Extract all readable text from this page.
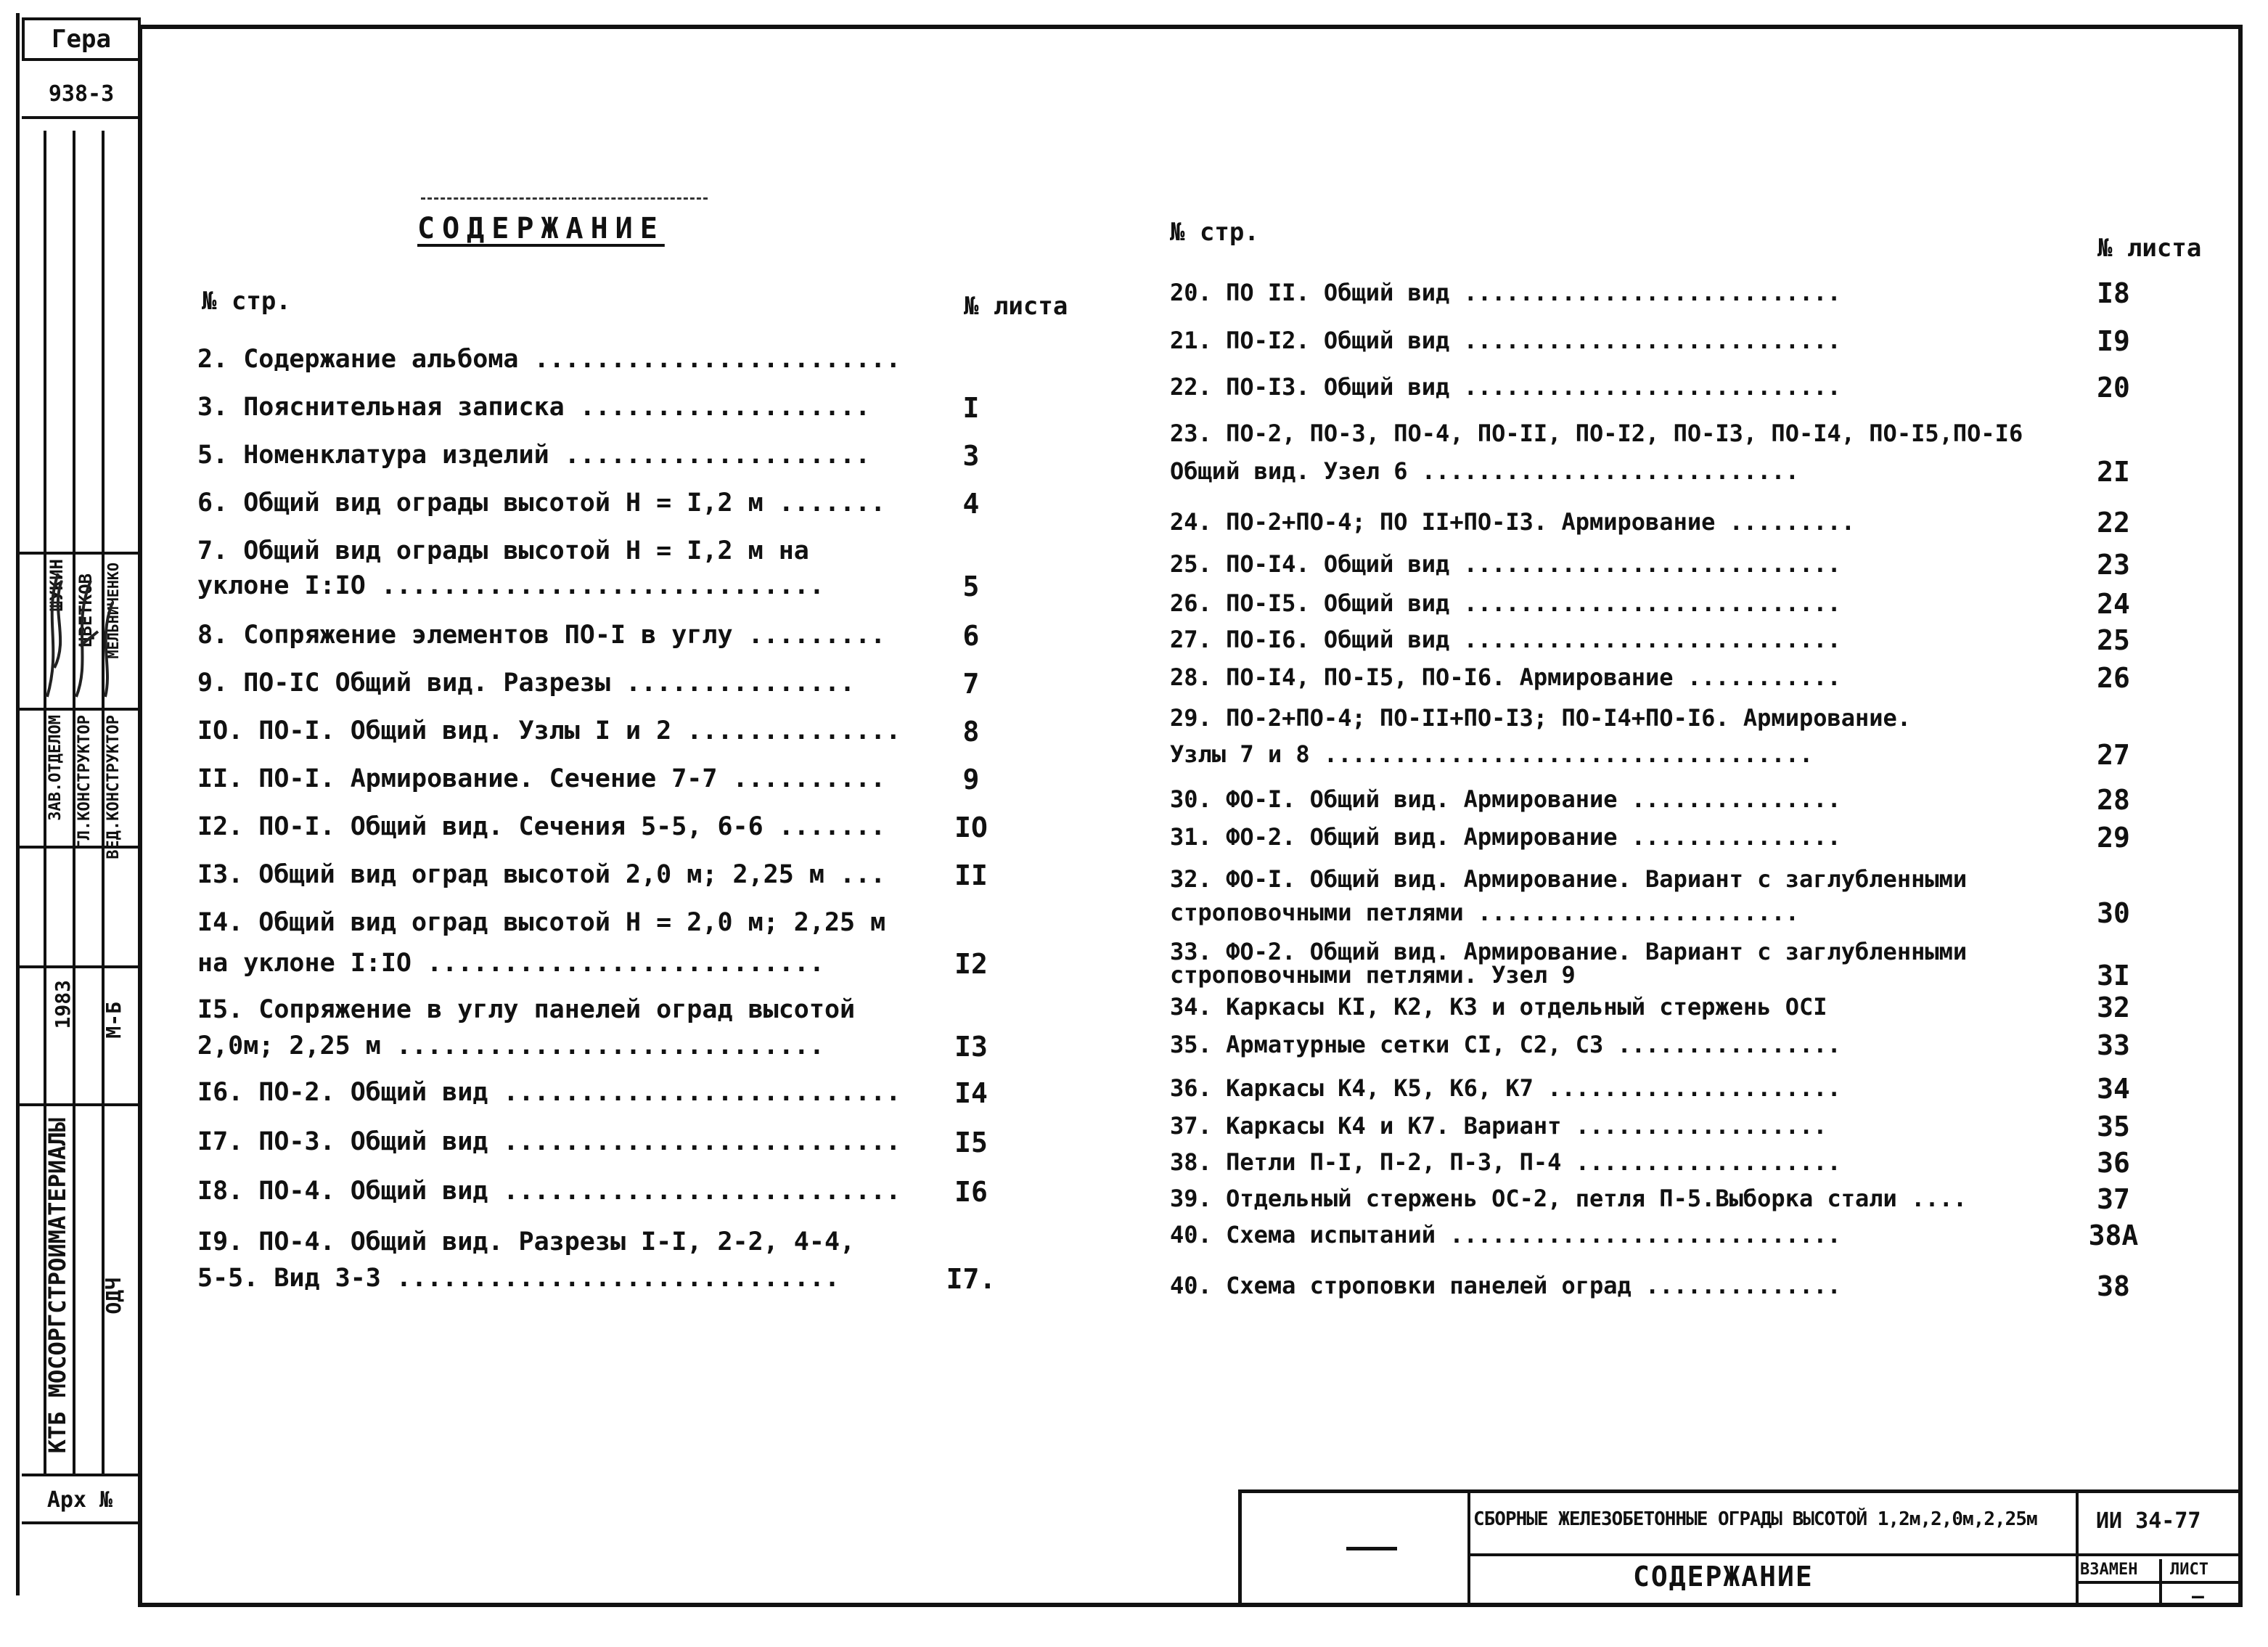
Гера
938-3
ЗАВ.ОТДЕЛОМ ГЛ.КОНСТРУКТОР ВЕД.КОНСТРУКТОР
ШУКИН ЦВЕТКОВ МЕЛЬНИЧЕНКО
1983 М-Б
КТБ МОСОРГСТРОЙМАТЕРИАЛЫ ОДЧ
Арх №
СОДЕРЖАНИЕ
№ стр.	№ листа
2. Содержание альбома ........................
3. Пояснительная записка ...................	I
5. Номенклатура изделий ....................	3
6. Общий вид ограды высотой Н = I,2 м .......	4
7. Общий вид ограды высотой Н = I,2 м на
уклоне I:IO .............................	5
8. Сопряжение элементов ПО-I в углу .........	6
9. ПО-IC Общий вид. Разрезы ...............	7
IO. ПО-I. Общий вид. Узлы I и 2 ..............	8
II. ПО-I. Армирование. Сечение 7-7 ..........	9
I2. ПО-I. Общий вид. Сечения 5-5, 6-6 .......	IO
I3. Общий вид оград высотой 2,0 м; 2,25 м ...	II
I4. Общий вид оград высотой Н = 2,0 м; 2,25 м
на уклоне I:IO ..........................	I2
I5. Сопряжение в углу панелей оград высотой
2,0м; 2,25 м ............................	I3
I6. ПО-2. Общий вид ..........................	I4
I7. ПО-3. Общий вид ..........................	I5
I8. ПО-4. Общий вид ..........................	I6
I9. ПО-4. Общий вид. Разрезы I-I, 2-2, 4-4,
5-5. Вид 3-3 .............................	I7.
№ стр.
№ листа
20. ПО II. Общий вид ...........................	I8
21. ПО-I2. Общий вид ...........................	I9
22. ПО-I3. Общий вид ...........................	20
23. ПО-2, ПО-3, ПО-4, ПО-II, ПО-I2, ПО-I3, ПО-I4, ПО-I5,ПО-I6
Общий вид. Узел 6 ...........................	2I
24. ПО-2+ПО-4; ПО II+ПО-I3. Армирование .........	22
25. ПО-I4. Общий вид ...........................	23
26. ПО-I5. Общий вид ...........................	24
27. ПО-I6. Общий вид ...........................	25
28. ПО-I4, ПО-I5, ПО-I6. Армирование ...........	26
29. ПО-2+ПО-4; ПО-II+ПО-I3; ПО-I4+ПО-I6. Армирование.
Узлы 7 и 8 ...................................	27
30. ФО-I. Общий вид. Армирование ...............	28
31. ФО-2. Общий вид. Армирование ...............	29
32. ФО-I. Общий вид. Армирование. Вариант с заглубленными
строповочными петлями .......................	30
33. ФО-2. Общий вид. Армирование. Вариант с заглубленными
строповочными петлями. Узел 9	3I
34. Каркасы КI, К2, К3 и отдельный стержень ОСI	32
35. Арматурные сетки СI, С2, С3 ................	33
36. Каркасы К4, К5, К6, К7 .....................	34
37. Каркасы К4 и К7. Вариант ..................	35
38. Петли П-I, П-2, П-3, П-4 ...................	36
39. Отдельный стержень ОС-2, петля П-5.Выборка стали ....	37
40. Схема испытаний ............................	38А
40. Схема строповки панелей оград ..............	38
СБОРНЫЕ ЖЕЛЕЗОБЕТОННЫЕ ОГРАДЫ ВЫСОТОЙ 1,2м,2,0м,2,25м	ИИ 34-77
СОДЕРЖАНИЕ	ВЗАМЕН ЛИСТ
—
